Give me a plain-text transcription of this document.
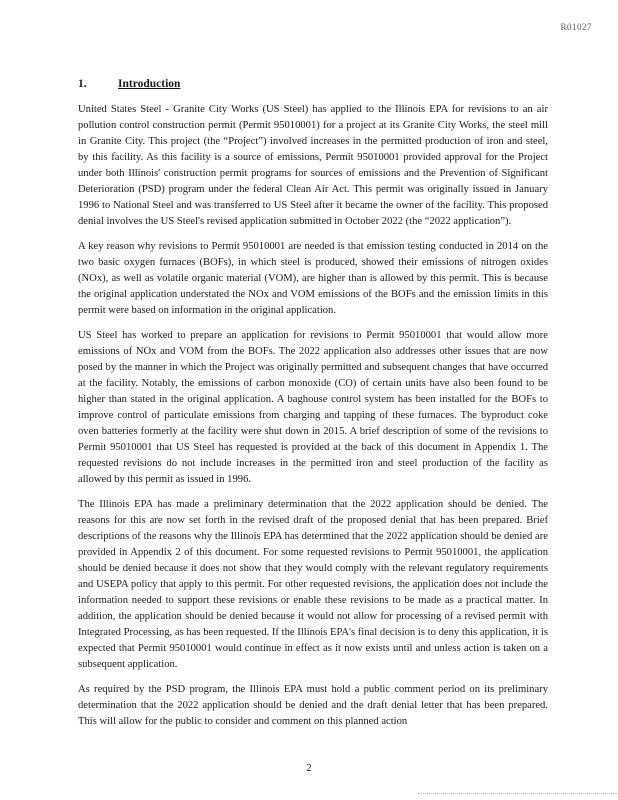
R01027
1.	Introduction

United States Steel - Granite City Works (US Steel) has applied to the Illinois EPA for revisions to an air pollution control construction permit (Permit 95010001) for a project at its Granite City Works, the steel mill in Granite City. This project (the “Project”) involved increases in the permitted production of iron and steel, by this facility. As this facility is a source of emissions, Permit 95010001 provided approval for the Project under both Illinois' construction permit programs for sources of emissions and the Prevention of Significant Deterioration (PSD) program under the federal Clean Air Act. This permit was originally issued in January 1996 to National Steel and was transferred to US Steel after it became the owner of the facility. This proposed denial involves the US Steel's revised application submitted in October 2022 (the “2022 application”).

A key reason why revisions to Permit 95010001 are needed is that emission testing conducted in 2014 on the two basic oxygen furnaces (BOFs), in which steel is produced, showed their emissions of nitrogen oxides (NOx), as well as volatile organic material (VOM), are higher than is allowed by this permit. This is because the original application understated the NOx and VOM emissions of the BOFs and the emission limits in this permit were based on information in the original application.

US Steel has worked to prepare an application for revisions to Permit 95010001 that would allow more emissions of NOx and VOM from the BOFs. The 2022 application also addresses other issues that are now posed by the manner in which the Project was originally permitted and subsequent changes that have occurred at the facility. Notably, the emissions of carbon monoxide (CO) of certain units have also been found to be higher than stated in the original application. A baghouse control system has been installed for the BOFs to improve control of particulate emissions from charging and tapping of these furnaces. The byproduct coke oven batteries formerly at the facility were shut down in 2015. A brief description of some of the revisions to Permit 95010001 that US Steel has requested is provided at the back of this document in Appendix 1. The requested revisions do not include increases in the permitted iron and steel production of the facility as allowed by this permit as issued in 1996.

The Illinois EPA has made a preliminary determination that the 2022 application should be denied. The reasons for this are now set forth in the revised draft of the proposed denial that has been prepared. Brief descriptions of the reasons why the Illinois EPA has determined that the 2022 application should be denied are provided in Appendix 2 of this document. For some requested revisions to Permit 95010001, the application should be denied because it does not show that they would comply with the relevant regulatory requirements and USEPA policy that apply to this permit. For other requested revisions, the application does not include the information needed to support these revisions or enable these revisions to be made as a practical matter. In addition, the application should be denied because it would not allow for processing of a revised permit with Integrated Processing, as has been requested. If the Illinois EPA's final decision is to deny this application, it is expected that Permit 95010001 would continue in effect as it now exists until and unless action is taken on a subsequent application.

As required by the PSD program, the Illinois EPA must hold a public comment period on its preliminary determination that the 2022 application should be denied and the draft denial letter that has been prepared. This will allow for the public to consider and comment on this planned action

2
